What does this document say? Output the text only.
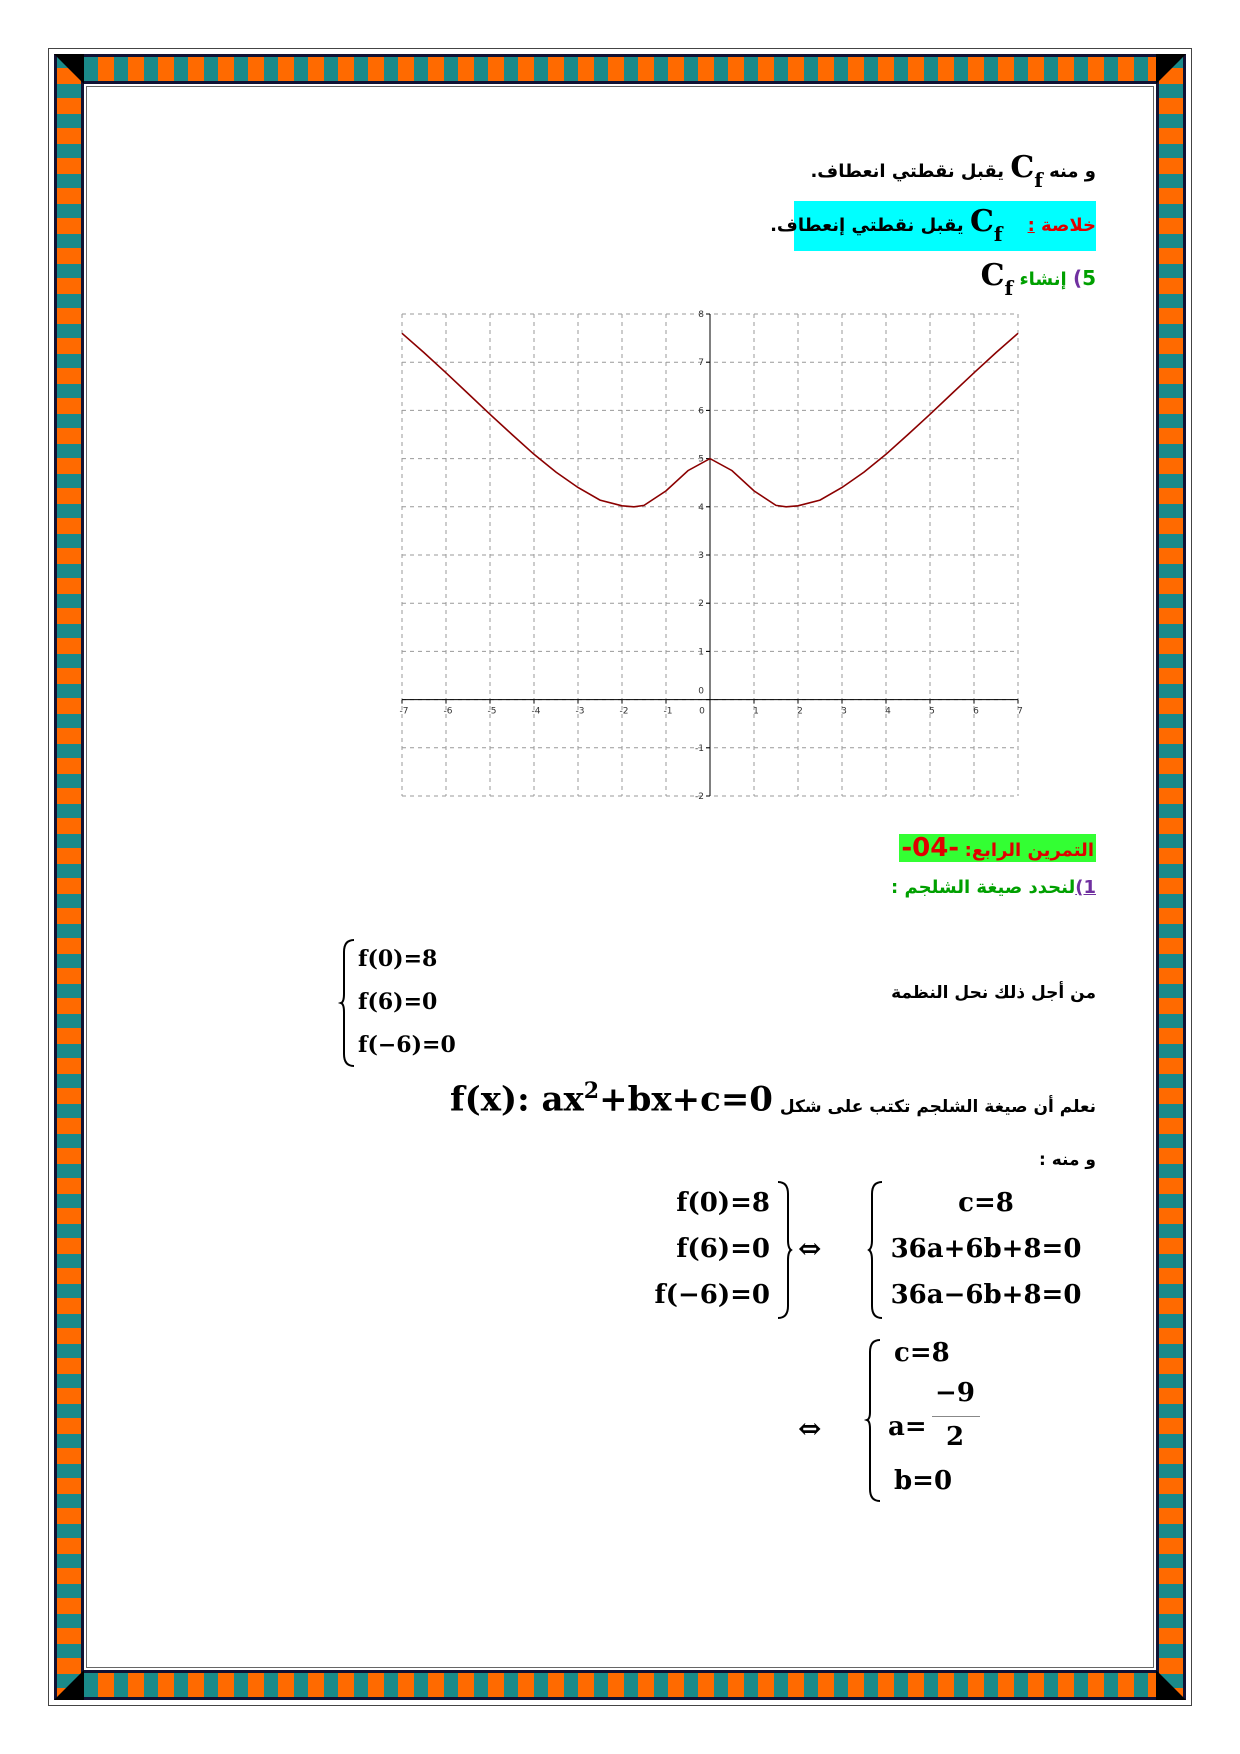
و منه $C_f$ يقبل نقطتي انعطاف.
خلاصة :    $C_f$ يقبل نقطتي إنعطاف.
5) إنشاء $C_f$
-7	-6	-5	-4	-3	-2	-1	0	1	2	3	4	5	6	7
-2
-1
0
1
2
3
4
5
6
7
8
التمرين الرابع: -04-
1)لنحدد صيغة الشلجم :
من أجل ذلك نحل النظمة
f(0)=8
f(6)=0
f(−6)=0
نعلم أن صيغة الشلجم تكتب على شكل
f(x): $ax^2+bx+c=0$
و منه :
f(0)=8
f(6)=0
f(−6)=0
⇔
c=8
36a+6b+8=0
36a−6b+8=0
⇔
c=8
a=
−9
2
b=0
